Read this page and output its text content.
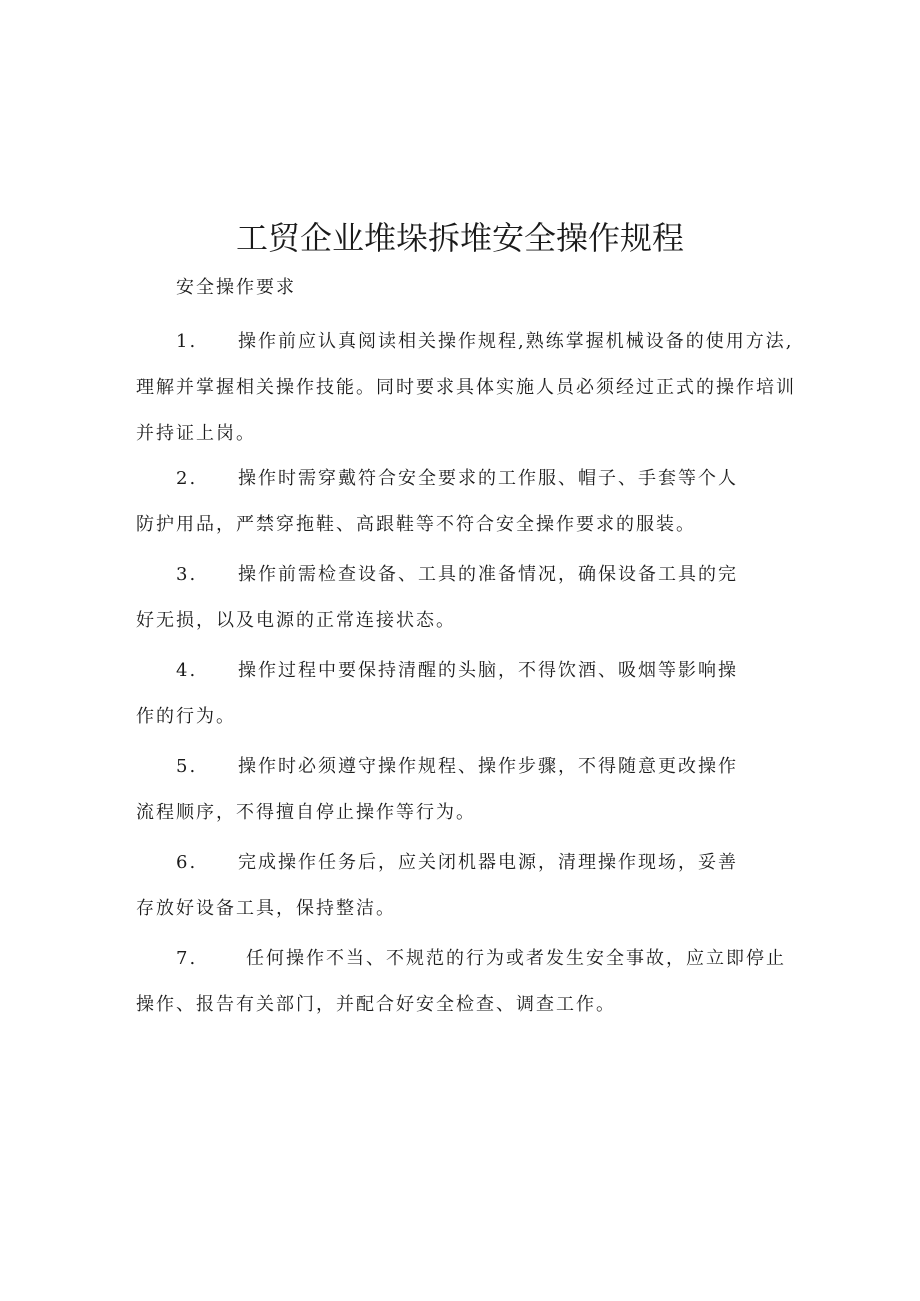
工贸企业堆垛拆堆安全操作规程

安全操作要求

1. 操作前应认真阅读相关操作规程,熟练掌握机械设备的使用方法,
理解并掌握相关操作技能。同时要求具体实施人员必须经过正式的操作培训
并持证上岗。
2. 操作时需穿戴符合安全要求的工作服、帽子、手套等个人
防护用品，严禁穿拖鞋、高跟鞋等不符合安全操作要求的服装。
3. 操作前需检查设备、工具的准备情况，确保设备工具的完
好无损，以及电源的正常连接状态。
4. 操作过程中要保持清醒的头脑，不得饮酒、吸烟等影响操
作的行为。
5. 操作时必须遵守操作规程、操作步骤，不得随意更改操作
流程顺序，不得擅自停止操作等行为。
6. 完成操作任务后，应关闭机器电源，清理操作现场，妥善
存放好设备工具，保持整洁。
7.	任何操作不当、不规范的行为或者发生安全事故，应立即停止
操作、报告有关部门，并配合好安全检查、调查工作。
